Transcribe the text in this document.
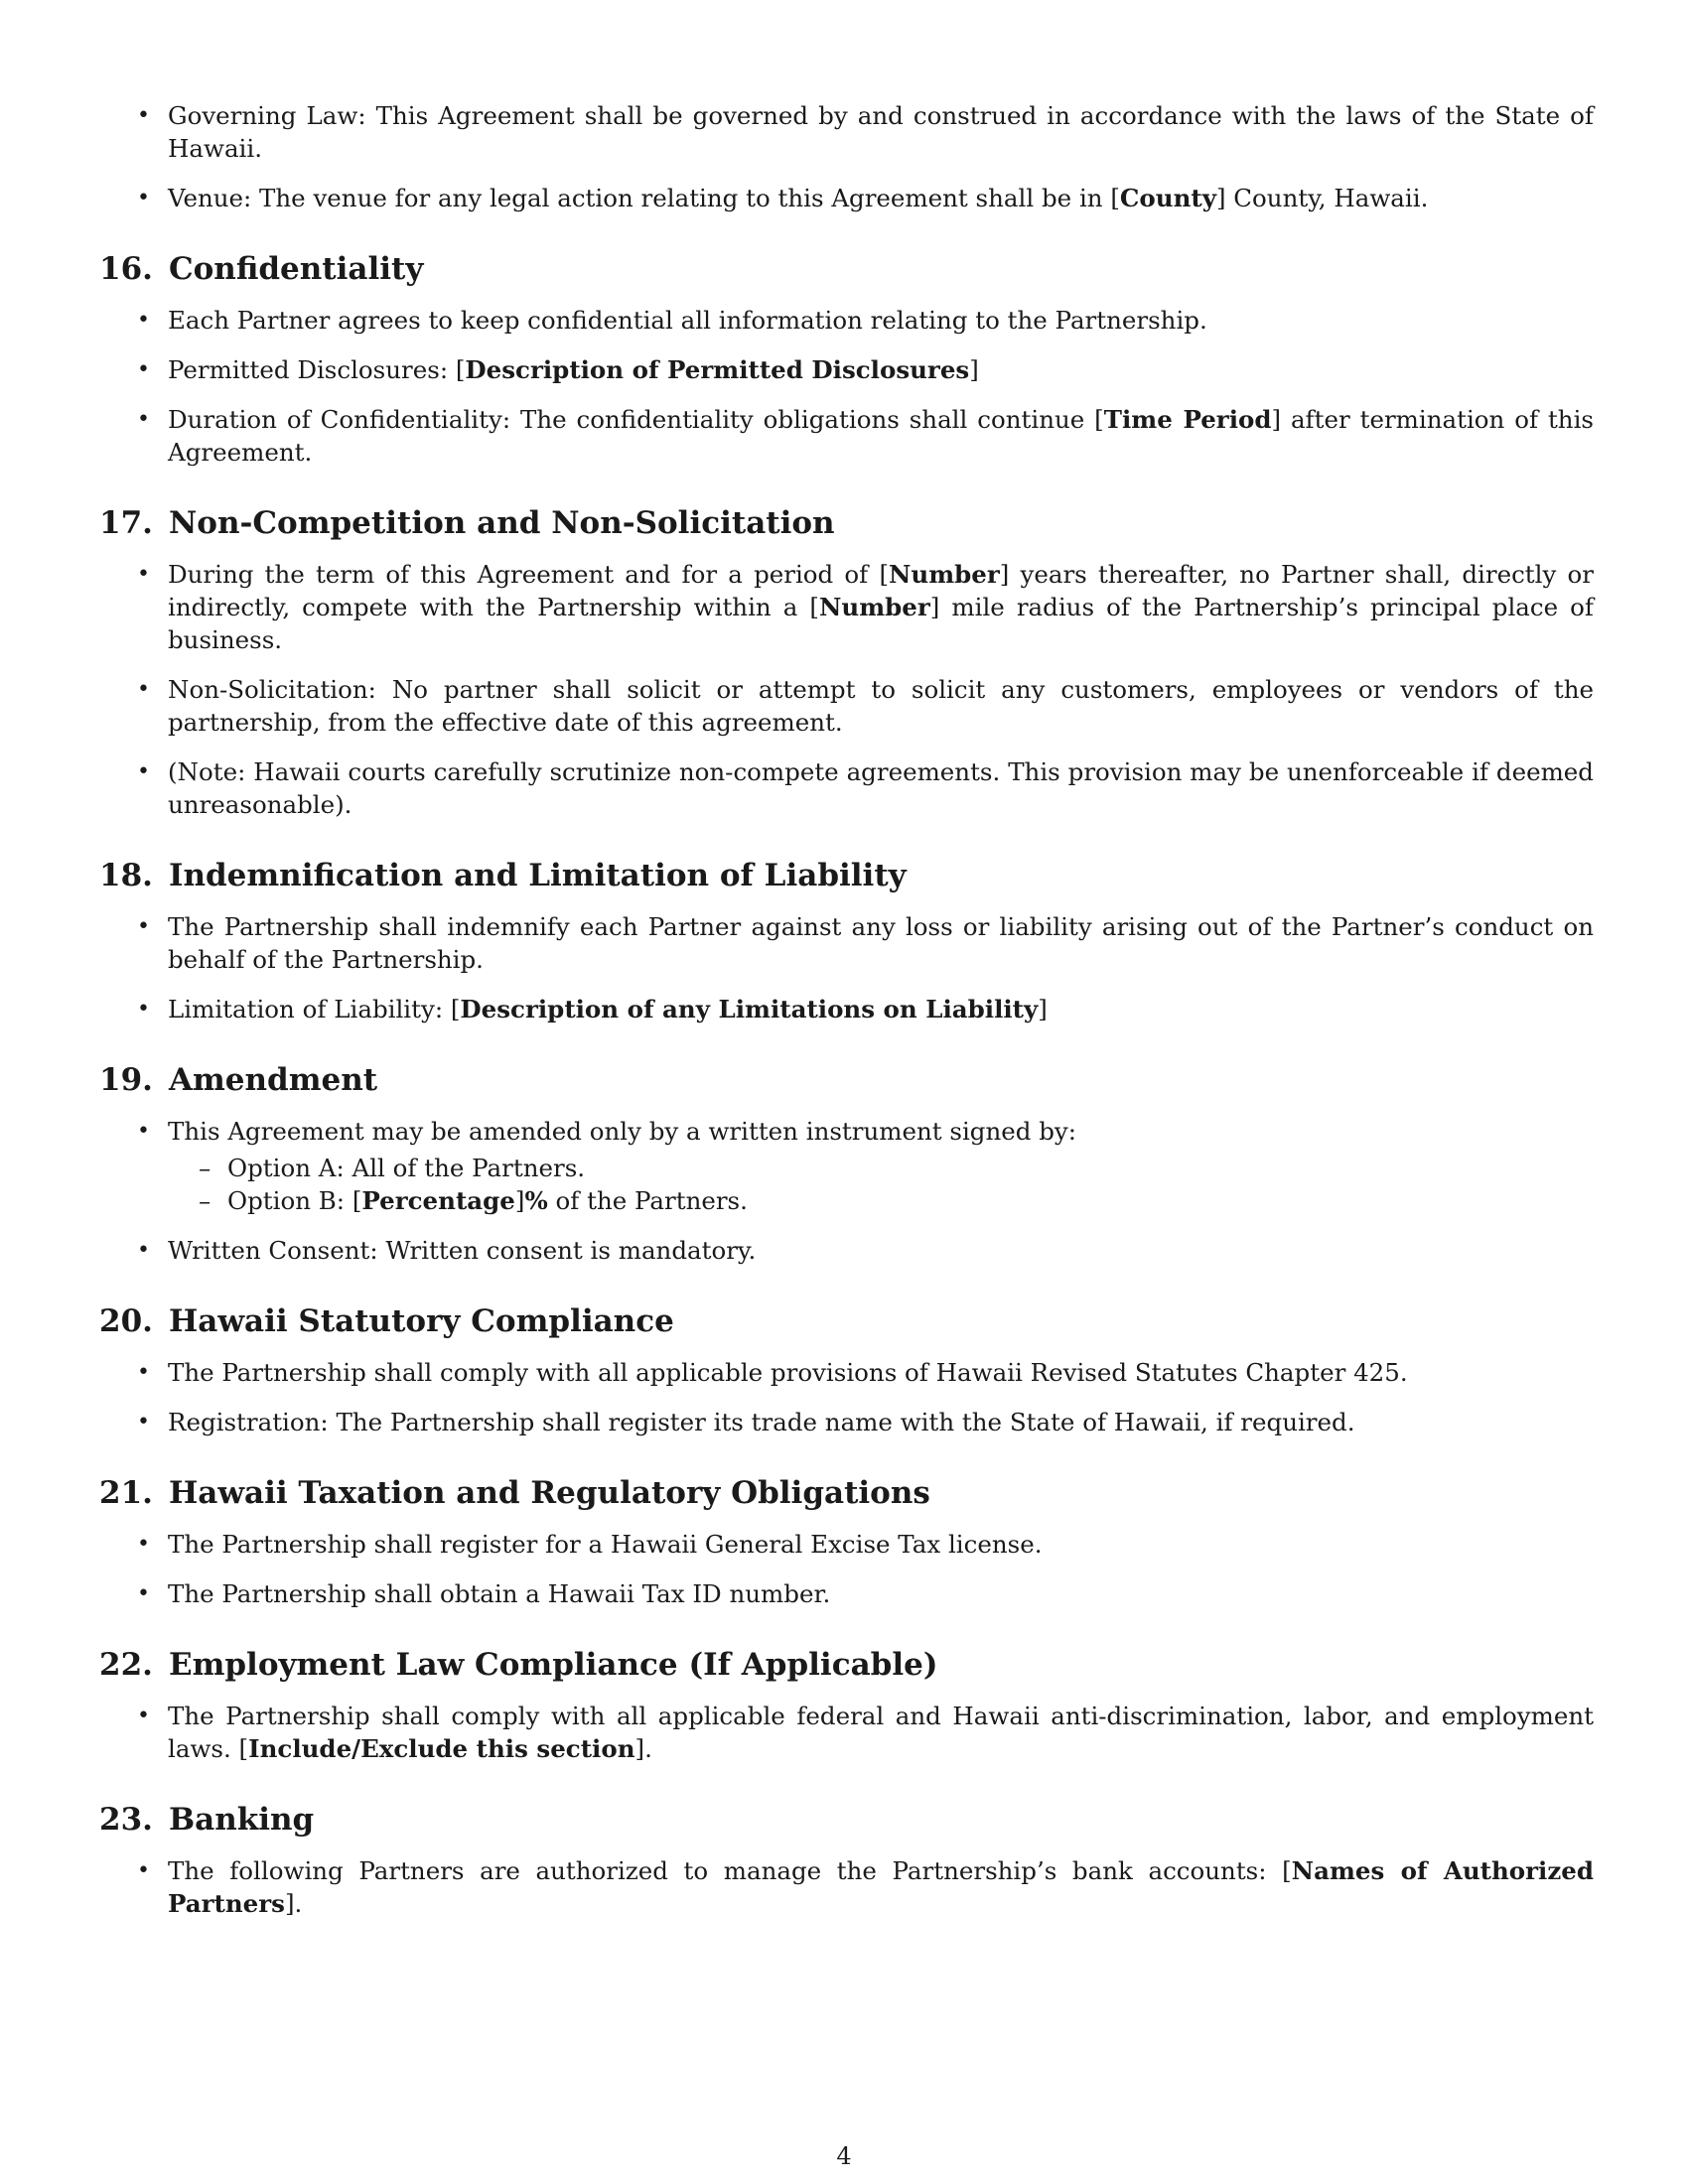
• Governing Law: This Agreement shall be governed by and construed in accordance with the laws of the State of Hawaii.
• Venue: The venue for any legal action relating to this Agreement shall be in [County] County, Hawaii.
16. Confidentiality
• Each Partner agrees to keep confidential all information relating to the Partnership.
• Permitted Disclosures: [Description of Permitted Disclosures]
• Duration of Confidentiality: The confidentiality obligations shall continue [Time Period] after termination of this Agreement.
17. Non-Competition and Non-Solicitation
• During the term of this Agreement and for a period of [Number] years thereafter, no Partner shall, directly or indirectly, compete with the Partnership within a [Number] mile radius of the Partnership’s principal place of business.
• Non-Solicitation: No partner shall solicit or attempt to solicit any customers, employees or vendors of the partnership, from the effective date of this agreement.
• (Note: Hawaii courts carefully scrutinize non-compete agreements. This provision may be unenforceable if deemed unreasonable).
18. Indemnification and Limitation of Liability
• The Partnership shall indemnify each Partner against any loss or liability arising out of the Partner’s conduct on behalf of the Partnership.
• Limitation of Liability: [Description of any Limitations on Liability]
19. Amendment
• This Agreement may be amended only by a written instrument signed by:
– Option A: All of the Partners.
– Option B: [Percentage]% of the Partners.
• Written Consent: Written consent is mandatory.
20. Hawaii Statutory Compliance
• The Partnership shall comply with all applicable provisions of Hawaii Revised Statutes Chapter 425.
• Registration: The Partnership shall register its trade name with the State of Hawaii, if required.
21. Hawaii Taxation and Regulatory Obligations
• The Partnership shall register for a Hawaii General Excise Tax license.
• The Partnership shall obtain a Hawaii Tax ID number.
22. Employment Law Compliance (If Applicable)
• The Partnership shall comply with all applicable federal and Hawaii anti-discrimination, labor, and employment laws. [Include/Exclude this section].
23. Banking
• The following Partners are authorized to manage the Partnership’s bank accounts: [Names of Authorized Partners].
4
